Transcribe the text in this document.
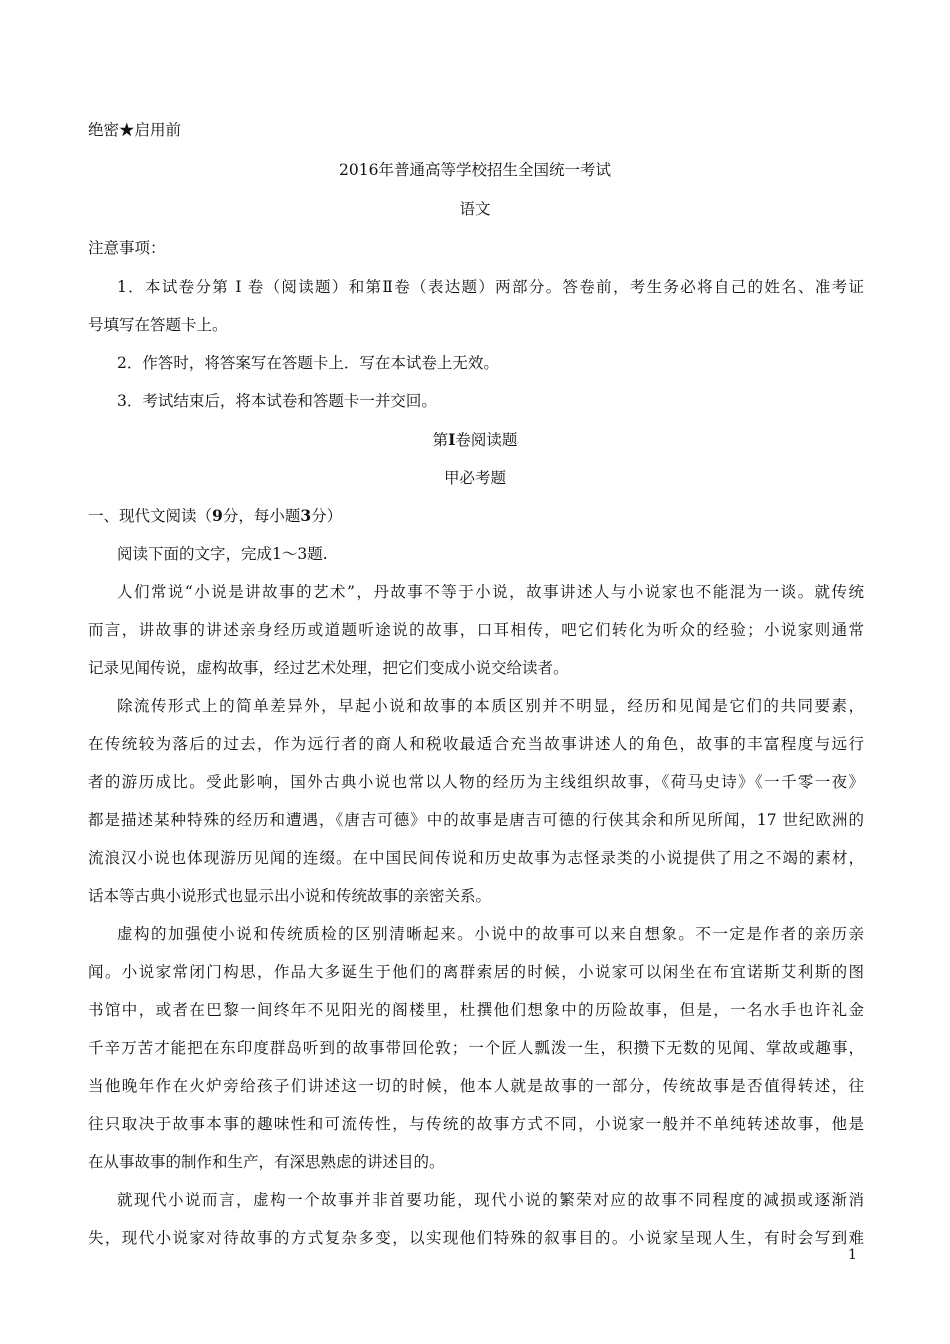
绝密★启用前
2016年普通高等学校招生全国统一考试
语文
注意事项：
1．本试卷分第 I 卷（阅读题）和第Ⅱ卷（表达题）两部分。答卷前，考生务必将自己的姓名、准考证
号填写在答题卡上。
2．作答时，将答案写在答题卡上．写在本试卷上无效。
3．考试结束后，将本试卷和答题卡一并交回。
第I卷阅读题
甲必考题
一、现代文阅读（9分，每小题3分）
阅读下面的文字，完成1～3题.
人们常说“小说是讲故事的艺术”，丹故事不等于小说，故事讲述人与小说家也不能混为一谈。就传统
而言，讲故事的讲述亲身经历或道题听途说的故事，口耳相传，吧它们转化为听众的经验；小说家则通常
记录见闻传说，虚构故事，经过艺术处理，把它们变成小说交给读者。
除流传形式上的简单差异外，早起小说和故事的本质区别并不明显，经历和见闻是它们的共同要素，
在传统较为落后的过去，作为远行者的商人和税收最适合充当故事讲述人的角色，故事的丰富程度与远行
者的游历成比。受此影响，国外古典小说也常以人物的经历为主线组织故事，《荷马史诗》《一千零一夜》
都是描述某种特殊的经历和遭遇，《唐吉可德》中的故事是唐吉可德的行侠其余和所见所闻，17 世纪欧洲的
流浪汉小说也体现游历见闻的连缀。在中国民间传说和历史故事为志怪录类的小说提供了用之不竭的素材，
话本等古典小说形式也显示出小说和传统故事的亲密关系。
虚构的加强使小说和传统质检的区别清晰起来。小说中的故事可以来自想象。不一定是作者的亲历亲
闻。小说家常闭门构思，作品大多诞生于他们的离群索居的时候，小说家可以闲坐在布宜诺斯艾利斯的图
书馆中，或者在巴黎一间终年不见阳光的阁楼里，杜撰他们想象中的历险故事，但是，一名水手也许礼金
千辛万苦才能把在东印度群岛听到的故事带回伦敦；一个匠人瓢泼一生，积攒下无数的见闻、掌故或趣事，
当他晚年作在火炉旁给孩子们讲述这一切的时候，他本人就是故事的一部分，传统故事是否值得转述，往
往只取决于故事本事的趣味性和可流传性，与传统的故事方式不同，小说家一般并不单纯转述故事，他是
在从事故事的制作和生产，有深思熟虑的讲述目的。
就现代小说而言，虚构一个故事并非首要功能，现代小说的繁荣对应的故事不同程度的减损或逐渐消
失，现代小说家对待故事的方式复杂多变，以实现他们特殊的叙事目的。小说家呈现人生，有时会写到难
1
